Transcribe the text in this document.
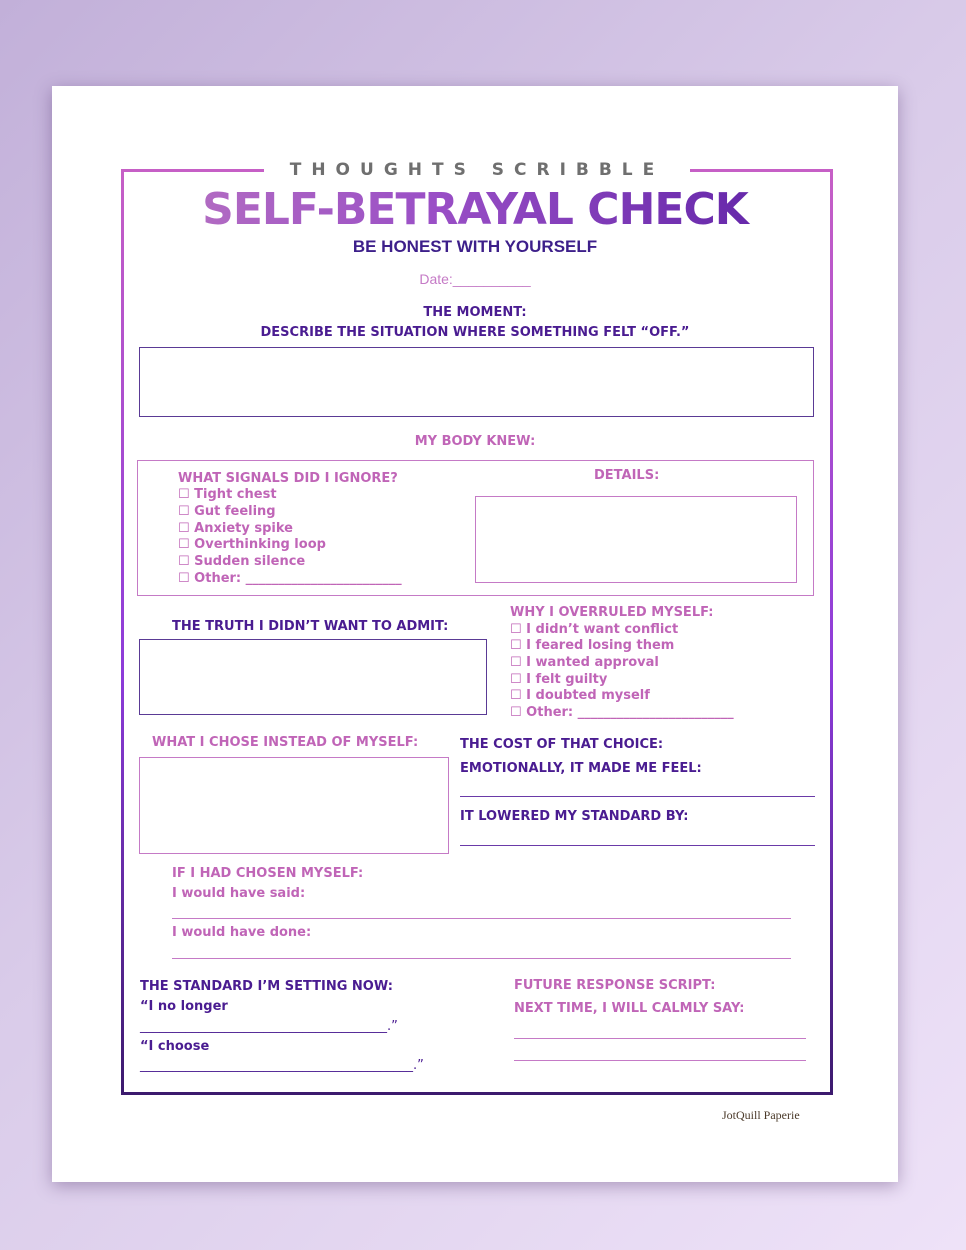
THOUGHTS SCRIBBLE
SELF-BETRAYAL CHECK
BE HONEST WITH YOURSELF
Date:__________
THE MOMENT:
DESCRIBE THE SITUATION WHERE SOMETHING FELT “OFF.”
MY BODY KNEW:
WHAT SIGNALS DID I IGNORE?
☐ Tight chest
☐ Gut feeling
☐ Anxiety spike
☐ Overthinking loop
☐ Sudden silence
☐ Other: ________________________
DETAILS:
THE TRUTH I DIDN’T WANT TO ADMIT:
WHY I OVERRULED MYSELF:
☐ I didn’t want conflict
☐ I feared losing them
☐ I wanted approval
☐ I felt guilty
☐ I doubted myself
☐ Other: ________________________
WHAT I CHOSE INSTEAD OF MYSELF:	THE COST OF THAT CHOICE:
EMOTIONALLY, IT MADE ME FEEL:
IT LOWERED MY STANDARD BY:
IF I HAD CHOSEN MYSELF:
I would have said:
I would have done:
THE STANDARD I’M SETTING NOW:
“I no longer
______________________________________.”
“I choose
__________________________________________.”
FUTURE RESPONSE SCRIPT:
NEXT TIME, I WILL CALMLY SAY:
JotQuill Paperie
